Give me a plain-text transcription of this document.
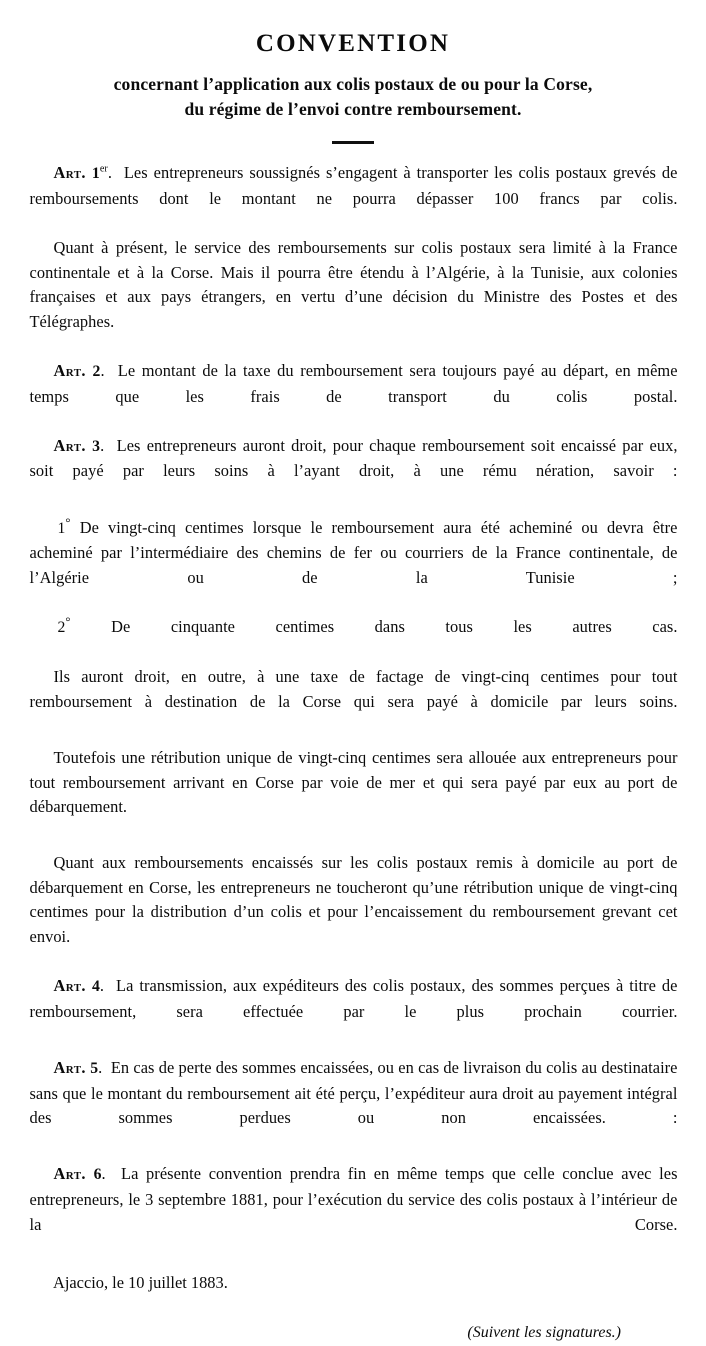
CONVENTION
concernant l’application aux colis postaux de ou pour la Corse,
du régime de l’envoi contre remboursement.

Art. 1er. Les entrepreneurs soussignés s’engagent à transporter les colis postaux grevés de remboursements dont le montant ne pourra dépasser 100 francs par colis.

Quant à présent, le service des remboursements sur colis postaux sera limité à la France continentale et à la Corse. Mais il pourra être étendu à l’Algérie, à la Tunisie, aux colonies françaises et aux pays étrangers, en vertu d’une décision du Ministre des Postes et des Télégraphes.

Art. 2. Le montant de la taxe du remboursement sera toujours payé au départ, en même temps que les frais de transport du colis postal.

Art. 3. Les entrepreneurs auront droit, pour chaque remboursement soit encaissé par eux, soit payé par leurs soins à l’ayant droit, à une rému nération, savoir :

1° De vingt-cinq centimes lorsque le remboursement aura été acheminé ou devra être acheminé par l’intermédiaire des chemins de fer ou courriers de la France continentale, de l’Algérie ou de la Tunisie ;

2° De cinquante centimes dans tous les autres cas.

Ils auront droit, en outre, à une taxe de factage de vingt-cinq centimes pour tout remboursement à destination de la Corse qui sera payé à domicile par leurs soins.

Toutefois une rétribution unique de vingt-cinq centimes sera allouée aux entrepreneurs pour tout remboursement arrivant en Corse par voie de mer et qui sera payé par eux au port de débarquement.

Quant aux remboursements encaissés sur les colis postaux remis à domicile au port de débarquement en Corse, les entrepreneurs ne toucheront qu’une rétribution unique de vingt-cinq centimes pour la distribution d’un colis et pour l’encaissement du remboursement grevant cet envoi.

Art. 4. La transmission, aux expéditeurs des colis postaux, des sommes perçues à titre de remboursement, sera effectuée par le plus prochain courrier.

Art. 5. En cas de perte des sommes encaissées, ou en cas de livraison du colis au destinataire sans que le montant du remboursement ait été perçu, l’expéditeur aura droit au payement intégral des sommes perdues ou non encaissées. :

Art. 6. La présente convention prendra fin en même temps que celle conclue avec les entrepreneurs, le 3 septembre 1881, pour l’exécution du service des colis postaux à l’intérieur de la Corse.

Ajaccio, le 10 juillet 1883.

(Suivent les signatures.)
